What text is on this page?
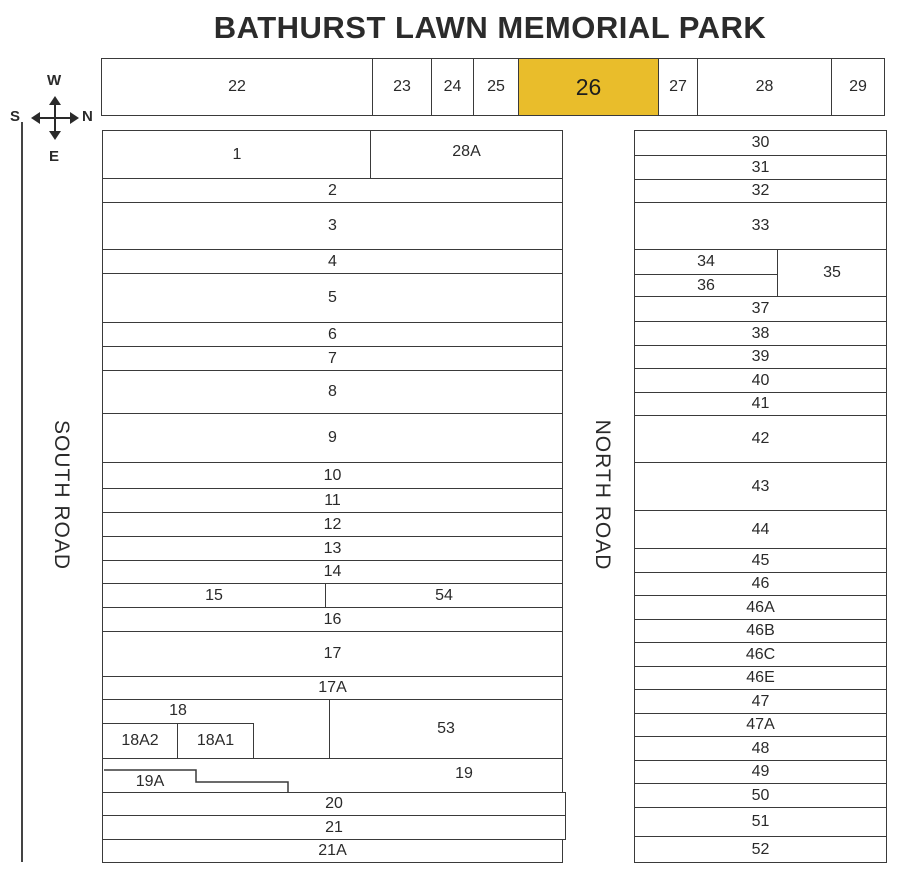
BATHURST LAWN MEMORIAL PARK
W
E
S	N
SOUTH ROAD	NORTH ROAD
22	23	24	25	26	27	28	29
1	28A
2
3
4
5
6
7
8
9
10
11
12
13
14
15	54
16
17
17A
18
18A2	18A1
53
19A	19
20
21
21A
30
31
32
33
34
36
35
37
38
39
40
41
42
43
44
45
46
46A
46B
46C
46E
47
47A
48
49
50
51
52
